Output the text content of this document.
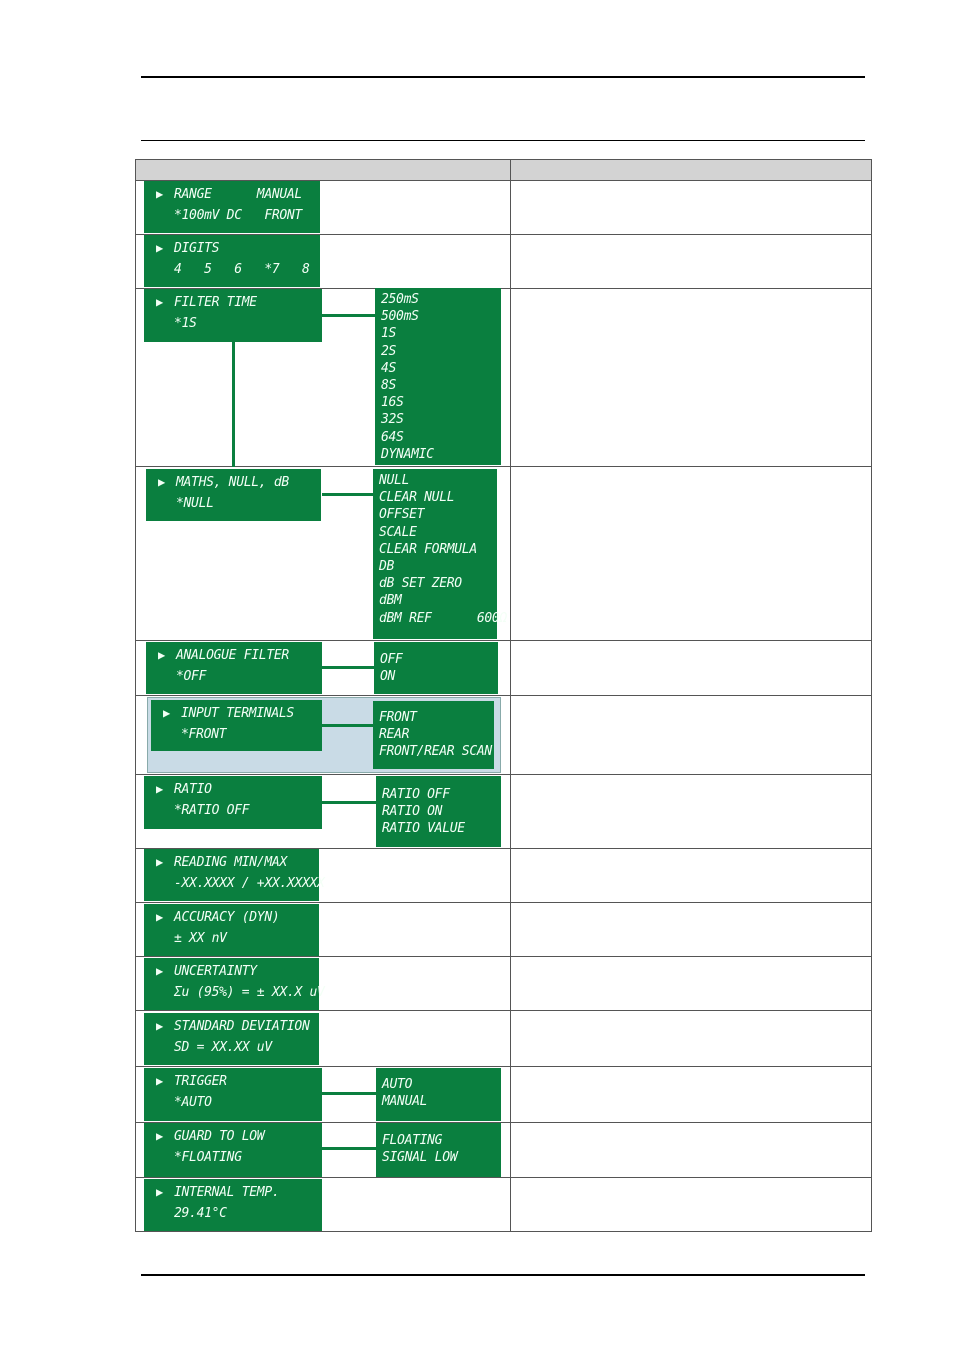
▶ RANGE      MANUAL
*100mV DC   FRONT
▶ DIGITS
4   5   6   *7   8
▶ FILTER TIME
*1S
▶ MATHS, NULL, dB
*NULL
▶ ANALOGUE FILTER
*OFF
▶ INPUT TERMINALS
*FRONT
▶ RATIO
*RATIO OFF
▶ READING MIN/MAX
-XX.XXXX / +XX.XXXXX
▶ ACCURACY (DYN)
± XX nV
▶ UNCERTAINTY
Σu (95%) = ± XX.X uV
▶ STANDARD DEVIATION
SD = XX.XX uV
▶ TRIGGER
*AUTO
▶ GUARD TO LOW
*FLOATING
▶ INTERNAL TEMP.
29.41°C
250mS
500mS
1S
2S
4S
8S
16S
32S
64S
DYNAMIC
NULL
CLEAR NULL
OFFSET
SCALE
CLEAR FORMULA
DB
dB SET ZERO
dBM
dBM REF      600Ω
OFF
ON
FRONT
REAR
FRONT/REAR SCAN
RATIO OFF
RATIO ON
RATIO VALUE
AUTO
MANUAL
FLOATING
SIGNAL LOW
